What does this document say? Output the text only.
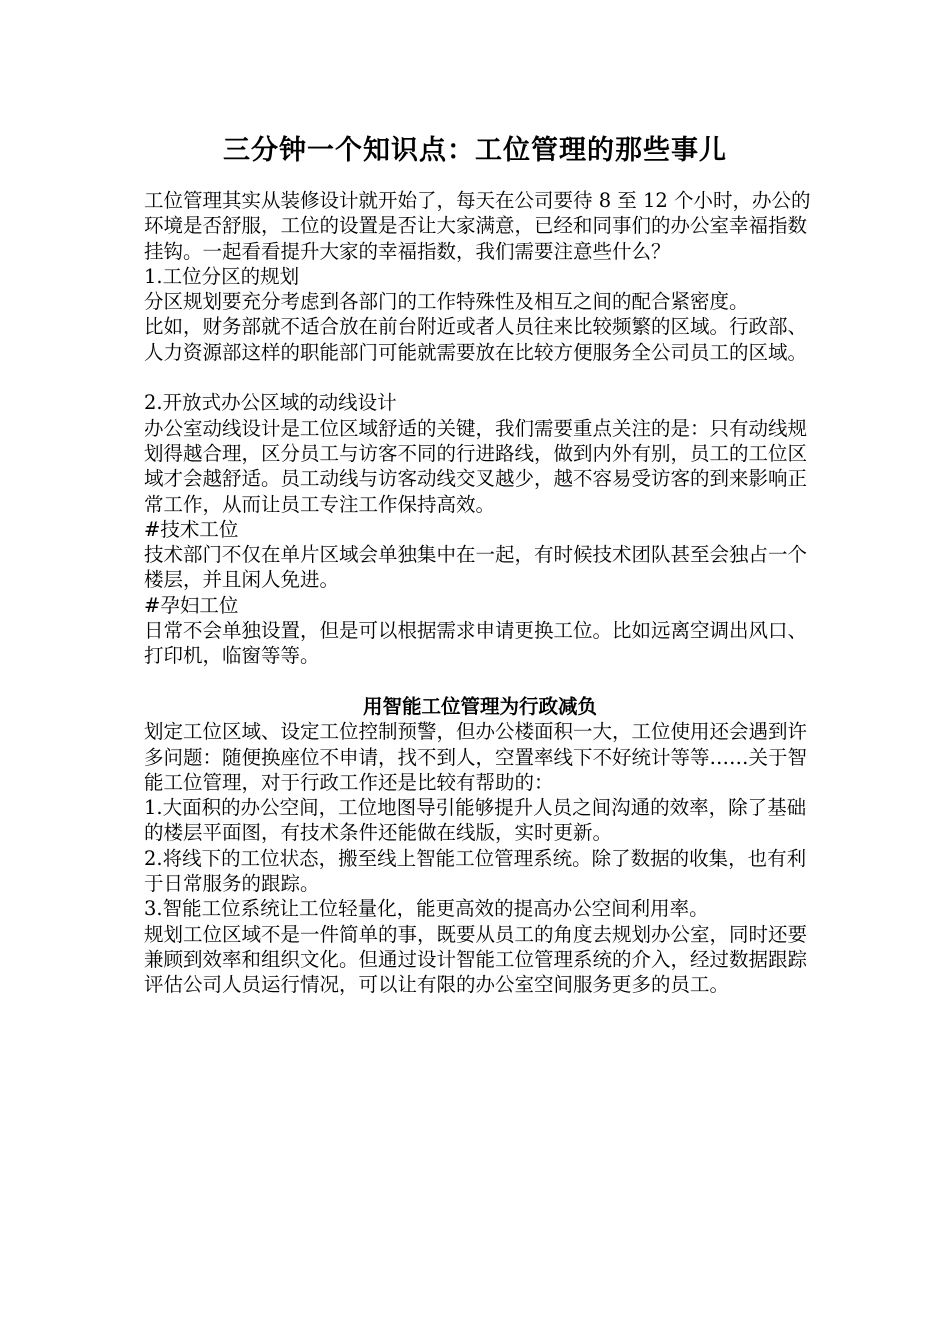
三分钟一个知识点：工位管理的那些事儿

工位管理其实从装修设计就开始了，每天在公司要待 8 至 12 个小时，办公的环境是否舒服，工位的设置是否让大家满意，已经和同事们的办公室幸福指数挂钩。一起看看提升大家的幸福指数，我们需要注意些什么？

1.工位分区的规划

分区规划要充分考虑到各部门的工作特殊性及相互之间的配合紧密度。

比如，财务部就不适合放在前台附近或者人员往来比较频繁的区域。行政部、人力资源部这样的职能部门可能就需要放在比较方便服务全公司员工的区域。

2.开放式办公区域的动线设计

办公室动线设计是工位区域舒适的关键，我们需要重点关注的是：只有动线规划得越合理，区分员工与访客不同的行进路线，做到内外有别，员工的工位区域才会越舒适。员工动线与访客动线交叉越少，越不容易受访客的到来影响正常工作，从而让员工专注工作保持高效。

#技术工位

技术部门不仅在单片区域会单独集中在一起，有时候技术团队甚至会独占一个楼层，并且闲人免进。

#孕妇工位

日常不会单独设置，但是可以根据需求申请更换工位。比如远离空调出风口、打印机，临窗等等。

用智能工位管理为行政减负

划定工位区域、设定工位控制预警，但办公楼面积一大，工位使用还会遇到许多问题：随便换座位不申请，找不到人，空置率线下不好统计等等……关于智能工位管理，对于行政工作还是比较有帮助的：

1.大面积的办公空间，工位地图导引能够提升人员之间沟通的效率，除了基础的楼层平面图，有技术条件还能做在线版，实时更新。

2.将线下的工位状态，搬至线上智能工位管理系统。除了数据的收集，也有利于日常服务的跟踪。

3.智能工位系统让工位轻量化，能更高效的提高办公空间利用率。

规划工位区域不是一件简单的事，既要从员工的角度去规划办公室，同时还要兼顾到效率和组织文化。但通过设计智能工位管理系统的介入，经过数据跟踪评估公司人员运行情况，可以让有限的办公室空间服务更多的员工。
